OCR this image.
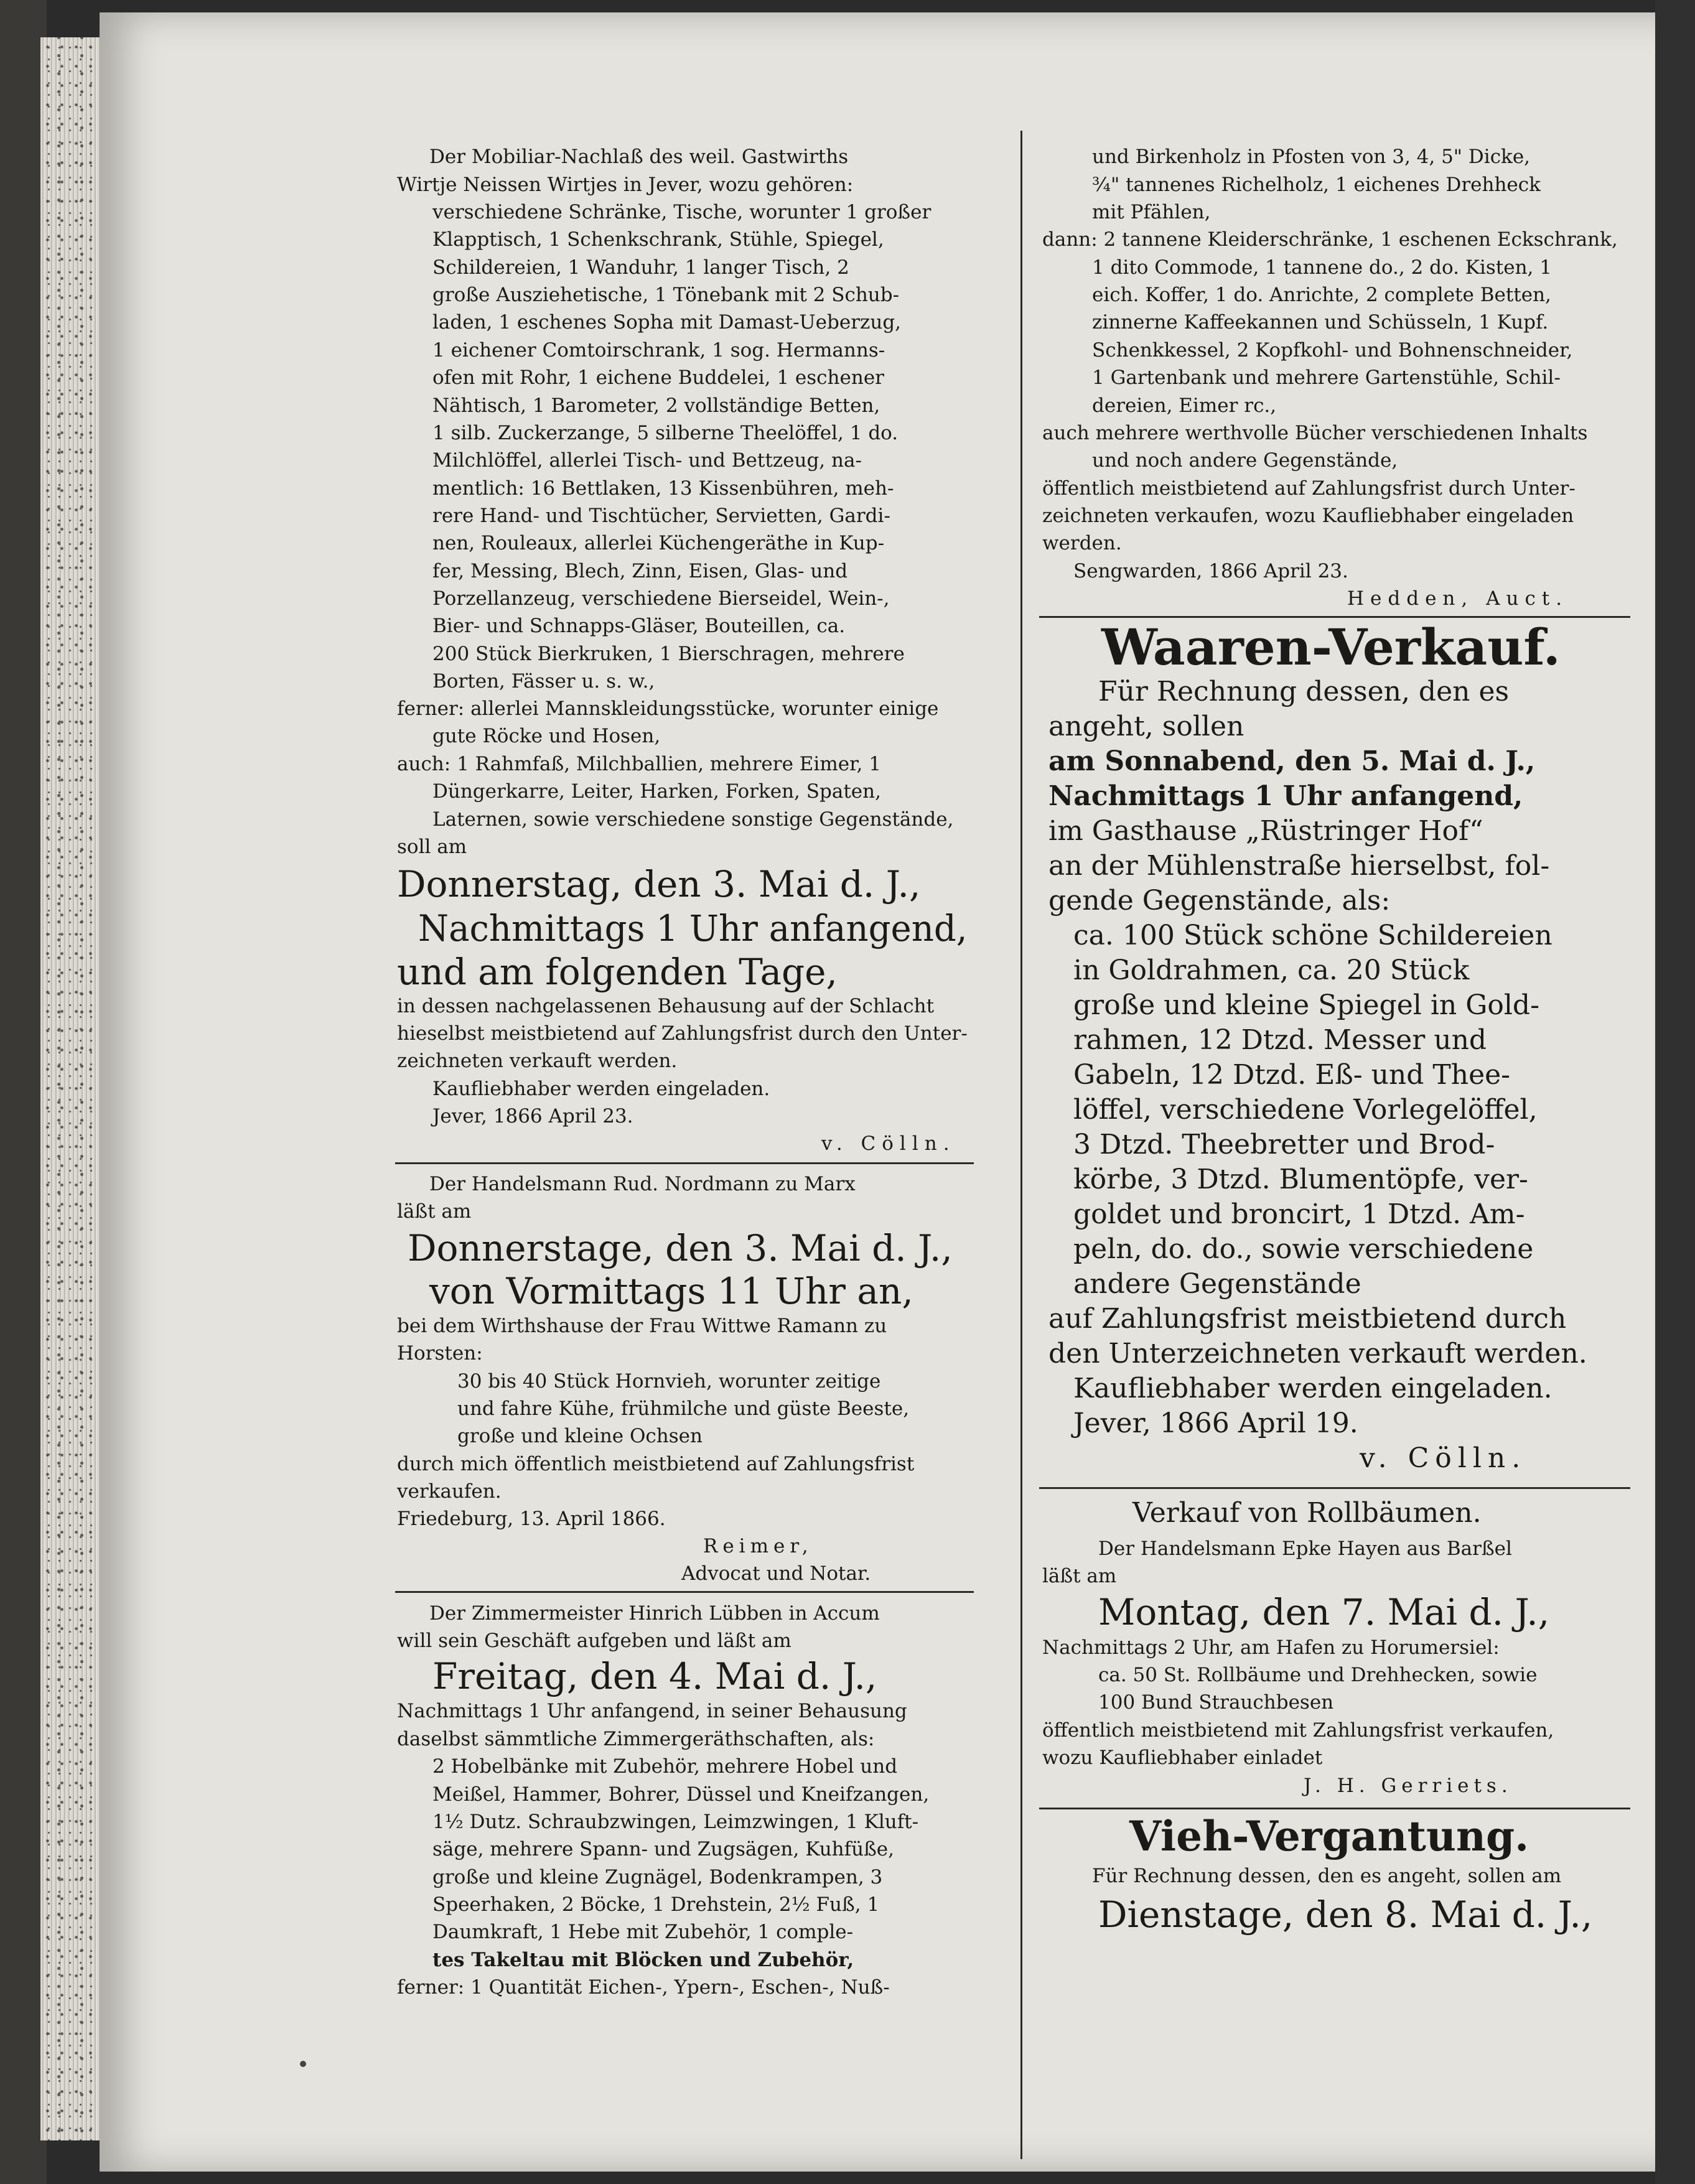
Der Mobiliar-Nachlaß des weil. Gastwirths
Wirtje Neissen Wirtjes in Jever, wozu gehören:
verschiedene Schränke, Tische, worunter 1 großer
Klapptisch, 1 Schenkschrank, Stühle, Spiegel,
Schildereien, 1 Wanduhr, 1 langer Tisch, 2
große Ausziehetische, 1 Tönebank mit 2 Schub-
laden, 1 eschenes Sopha mit Damast-Ueberzug,
1 eichener Comtoirschrank, 1 sog. Hermanns-
ofen mit Rohr, 1 eichene Buddelei, 1 eschener
Nähtisch, 1 Barometer, 2 vollständige Betten,
1 silb. Zuckerzange, 5 silberne Theelöffel, 1 do.
Milchlöffel, allerlei Tisch- und Bettzeug, na-
mentlich: 16 Bettlaken, 13 Kissenbühren, meh-
rere Hand- und Tischtücher, Servietten, Gardi-
nen, Rouleaux, allerlei Küchengeräthe in Kup-
fer, Messing, Blech, Zinn, Eisen, Glas- und
Porzellanzeug, verschiedene Bierseidel, Wein-,
Bier- und Schnapps-Gläser, Bouteillen, ca.
200 Stück Bierkruken, 1 Bierschragen, mehrere
Borten, Fässer u. s. w.,
ferner: allerlei Mannskleidungsstücke, worunter einige
gute Röcke und Hosen,
auch: 1 Rahmfaß, Milchballien, mehrere Eimer, 1
Düngerkarre, Leiter, Harken, Forken, Spaten,
Laternen, sowie verschiedene sonstige Gegenstände,
soll am
Donnerstag, den 3. Mai d. J.,
Nachmittags 1 Uhr anfangend,
und am folgenden Tage,
in dessen nachgelassenen Behausung auf der Schlacht
hieselbst meistbietend auf Zahlungsfrist durch den Unter-
zeichneten verkauft werden.
Kaufliebhaber werden eingeladen.
Jever, 1866 April 23.
v. Cölln.
Der Handelsmann Rud. Nordmann zu Marx
läßt am
Donnerstage, den 3. Mai d. J.,
von Vormittags 11 Uhr an,
bei dem Wirthshause der Frau Wittwe Ramann zu
Horsten:
30 bis 40 Stück Hornvieh, worunter zeitige
und fahre Kühe, frühmilche und güste Beeste,
große und kleine Ochsen
durch mich öffentlich meistbietend auf Zahlungsfrist
verkaufen.
Friedeburg, 13. April 1866.
Reimer,
Advocat und Notar.
Der Zimmermeister Hinrich Lübben in Accum
will sein Geschäft aufgeben und läßt am
Freitag, den 4. Mai d. J.,
Nachmittags 1 Uhr anfangend, in seiner Behausung
daselbst sämmtliche Zimmergeräthschaften, als:
2 Hobelbänke mit Zubehör, mehrere Hobel und
Meißel, Hammer, Bohrer, Düssel und Kneifzangen,
1½ Dutz. Schraubzwingen, Leimzwingen, 1 Kluft-
säge, mehrere Spann- und Zugsägen, Kuhfüße,
große und kleine Zugnägel, Bodenkrampen, 3
Speerhaken, 2 Böcke, 1 Drehstein, 2½ Fuß, 1
Daumkraft, 1 Hebe mit Zubehör, 1 comple-
tes Takeltau mit Blöcken und Zubehör,
ferner: 1 Quantität Eichen-, Ypern-, Eschen-, Nuß-
und Birkenholz in Pfosten von 3, 4, 5" Dicke,
¾" tannenes Richelholz, 1 eichenes Drehheck
mit Pfählen,
dann: 2 tannene Kleiderschränke, 1 eschenen Eckschrank,
1 dito Commode, 1 tannene do., 2 do. Kisten, 1
eich. Koffer, 1 do. Anrichte, 2 complete Betten,
zinnerne Kaffeekannen und Schüsseln, 1 Kupf.
Schenkkessel, 2 Kopfkohl- und Bohnenschneider,
1 Gartenbank und mehrere Gartenstühle, Schil-
dereien, Eimer rc.,
auch mehrere werthvolle Bücher verschiedenen Inhalts
und noch andere Gegenstände,
öffentlich meistbietend auf Zahlungsfrist durch Unter-
zeichneten verkaufen, wozu Kaufliebhaber eingeladen
werden.
Sengwarden, 1866 April 23.
Hedden, Auct.
Waaren-Verkauf.
Für Rechnung dessen, den es
angeht, sollen
am Sonnabend, den 5. Mai d. J.,
Nachmittags 1 Uhr anfangend,
im Gasthause „Rüstringer Hof“
an der Mühlenstraße hierselbst, fol-
gende Gegenstände, als:
ca. 100 Stück schöne Schildereien
in Goldrahmen, ca. 20 Stück
große und kleine Spiegel in Gold-
rahmen, 12 Dtzd. Messer und
Gabeln, 12 Dtzd. Eß- und Thee-
löffel, verschiedene Vorlegelöffel,
3 Dtzd. Theebretter und Brod-
körbe, 3 Dtzd. Blumentöpfe, ver-
goldet und broncirt, 1 Dtzd. Am-
peln, do. do., sowie verschiedene
andere Gegenstände
auf Zahlungsfrist meistbietend durch
den Unterzeichneten verkauft werden.
Kaufliebhaber werden eingeladen.
Jever, 1866 April 19.
v. Cölln.
Verkauf von Rollbäumen.
Der Handelsmann Epke Hayen aus Barßel
läßt am
Montag, den 7. Mai d. J.,
Nachmittags 2 Uhr, am Hafen zu Horumersiel:
ca. 50 St. Rollbäume und Drehhecken, sowie
100 Bund Strauchbesen
öffentlich meistbietend mit Zahlungsfrist verkaufen,
wozu Kaufliebhaber einladet
J. H. Gerriets.
Vieh-Vergantung.
Für Rechnung dessen, den es angeht, sollen am
Dienstage, den 8. Mai d. J.,
